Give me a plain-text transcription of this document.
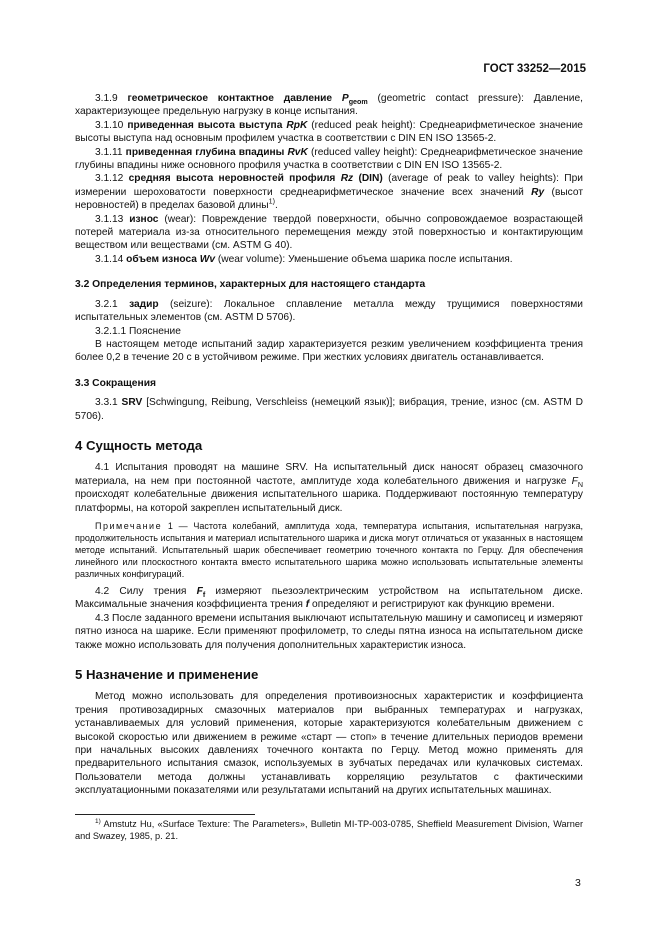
ГОСТ 33252—2015

3.1.9 геометрическое контактное давление $P_{geom}$ (geometric contact pressure): Давление, характеризующее предельную нагрузку в конце испытания.

3.1.10 приведенная высота выступа RpK (reduced peak height): Среднеарифметическое значение высоты выступа над основным профилем участка в соответствии с DIN EN ISO 13565-2.

3.1.11 приведенная глубина впадины RvK (reduced valley height): Среднеарифметическое значение глубины впадины ниже основного профиля участка в соответствии с DIN EN ISO 13565-2.

3.1.12 средняя высота неровностей профиля Rz (DIN) (average of peak to valley heights): При измерении шероховатости поверхности среднеарифметическое значение всех значений Ry (высот неровностей) в пределах базовой длины$^{1)}$.

3.1.13 износ (wear): Повреждение твердой поверхности, обычно сопровождаемое возрастающей потерей материала из-за относительного перемещения между этой поверхностью и контактирующим веществом или веществами (см. ASTM G 40).

3.1.14 объем износа Wv (wear volume): Уменьшение объема шарика после испытания.

3.2 Определения терминов, характерных для настоящего стандарта

3.2.1 задир (seizure): Локальное сплавление металла между трущимися поверхностями испытательных элементов (см. ASTM D 5706).

3.2.1.1 Пояснение

В настоящем методе испытаний задир характеризуется резким увеличением коэффициента трения более 0,2 в течение 20 с в устойчивом режиме. При жестких условиях двигатель останавливается.

3.3 Сокращения

3.3.1 SRV [Schwingung, Reibung, Verschleiss (немецкий язык)]; вибрация, трение, износ (см. ASTM D 5706).

4 Сущность метода

4.1 Испытания проводят на машине SRV. На испытательный диск наносят образец смазочного материала, на нем при постоянной частоте, амплитуде хода колебательного движения и нагрузке $F_N$ происходят колебательные движения испытательного шарика. Поддерживают постоянную температуру платформы, на которой закреплен испытательный диск.

Примечание 1 — Частота колебаний, амплитуда хода, температура испытания, испытательная нагрузка, продолжительность испытания и материал испытательного шарика и диска могут отличаться от указанных в настоящем методе испытаний. Испытательный шарик обеспечивает геометрию точечного контакта по Герцу. Для обеспечения линейного или плоскостного контакта вместо испытательного шарика можно использовать испытательные элементы различных конфигураций.

4.2 Силу трения $F_f$ измеряют пьезоэлектрическим устройством на испытательном диске. Максимальные значения коэффициента трения f определяют и регистрируют как функцию времени.

4.3 После заданного времени испытания выключают испытательную машину и самописец и измеряют пятно износа на шарике. Если применяют профилометр, то следы пятна износа на испытательном диске также можно использовать для получения дополнительных характеристик износа.

5 Назначение и применение

Метод можно использовать для определения противоизносных характеристик и коэффициента трения противозадирных смазочных материалов при выбранных температурах и нагрузках, устанавливаемых для условий применения, которые характеризуются колебательным движением с высокой скоростью или движением в режиме «старт — стоп» в течение длительных периодов времени при начальных высоких давлениях точечного контакта по Герцу. Метод можно применять для предварительного испытания смазок, используемых в зубчатых передачах или кулачковых системах. Пользователи метода должны устанавливать корреляцию результатов с фактическими эксплуатационными показателями или результатами испытаний на других испытательных машинах.

$^{1)}$ Amstutz Hu, «Surface Texture: The Parameters», Bulletin MI-TP-003-0785, Sheffield Measurement Division, Warner and Swazey, 1985, p. 21.
3
